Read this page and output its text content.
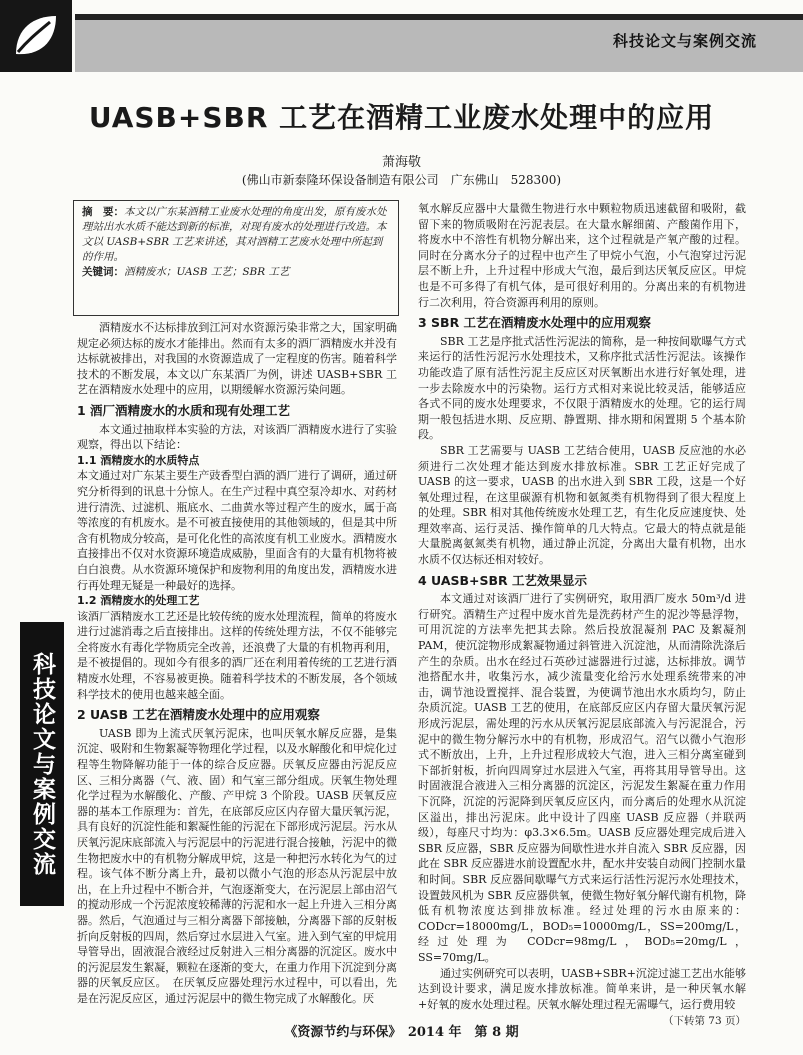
科技论文与案例交流
UASB+SBR 工艺在酒精工业废水处理中的应用
萧海敬
(佛山市新泰隆环保设备制造有限公司　广东佛山　528300)
摘　要：本文以广东某酒精工业废水处理的角度出发，原有废水处理站出水水质不能达到新的标准，对现有废水的处理进行改造。本文以 UASB+SBR 工艺来讲述，其对酒精工艺废水处理中所起到的作用。
关键词：酒精废水；UASB 工艺；SBR 工艺

酒精废水不达标排放到江河对水资源污染非常之大，国家明确规定必须达标的废水才能排出。然而有太多的酒厂酒精废水并没有达标就被排出，对我国的水资源造成了一定程度的伤害。随着科学技术的不断发展，本文以广东某酒厂为例，讲述 UASB+SBR 工艺在酒精废水处理中的应用，以期缓解水资源污染问题。

1 酒厂酒精废水的水质和现有处理工艺

本文通过抽取样本实验的方法，对该酒厂酒精废水进行了实验观察，得出以下结论：

1.1 酒精废水的水质特点

本文通过对广东某主要生产豉香型白酒的酒厂进行了调研，通过研究分析得到的讯息十分惊人。在生产过程中真空泵冷却水、对药材进行清洗、过滤机、瓶底水、二曲黄水等过程产生的废水，属于高等浓度的有机废水。是不可被直接使用的其他领域的，但是其中所含有机物成分较高，是可化化性的高浓度有机工业废水。酒精废水直接排出不仅对水资源环境造成威胁，里面含有的大量有机物将被白白浪费。从水资源环境保护和废物利用的角度出发，酒精废水进行再处理无疑是一种最好的选择。

1.2 酒精废水的处理工艺

该酒厂酒精废水工艺还是比较传统的废水处理流程，简单的将废水进行过滤消毒之后直接排出。这样的传统处理方法，不仅不能够完全将废水有毒化学物质完全改善，还浪费了大量的有机物再利用，是不被提倡的。现如今有很多的酒厂还在利用着传统的工艺进行酒精废水处理，不容易被更换。随着科学技术的不断发展，各个领域科学技术的使用也越来越全面。

2 UASB 工艺在酒精废水处理中的应用观察

UASB 即为上流式厌氧污泥床，也叫厌氧水解反应器，是集沉淀、吸附和生物絮凝等物理化学过程，以及水解酸化和甲烷化过程等生物降解功能于一体的综合反应器。厌氧反应器由污泥反应区、三相分离器（气、液、固）和气室三部分组成。厌氧生物处理化学过程为水解酸化、产酸、产甲烷 3 个阶段。UASB 厌氧反应器的基本工作原理为：首先，在底部反应区内存留大量厌氧污泥，具有良好的沉淀性能和絮凝性能的污泥在下部形成污泥层。污水从厌氧污泥床底部流入与污泥层中的污泥进行混合接触，污泥中的微生物把废水中的有机物分解成甲烷，这是一种把污水转化为气的过程。该气体不断分离上升，最初以微小气泡的形态从污泥层中放出，在上升过程中不断合并，气泡逐渐变大，在污泥层上部由沼气的搅动形成一个污泥浓度较稀薄的污泥和水一起上升进入三相分离器。然后，气泡通过与三相分离器下部接触，分离器下部的反射板折向反射板的四周，然后穿过水层进入气室。进入到气室的甲烷用导管导出，固液混合液经过反射进入三相分离器的沉淀区。废水中的污泥层发生絮凝，颗粒在逐渐的变大，在重力作用下沉淀到分离器的厌氧反应区。　在厌氧反应器处理污水过程中，可以看出，先是在污泥反应区，通过污泥层中的微生物完成了水解酸化。厌

氧水解反应器中大量微生物进行水中颗粒物质迅速截留和吸附，截留下来的物质吸附在污泥表层。在大量水解细菌、产酸菌作用下，将废水中不溶性有机物分解出来，这个过程就是产氧产酸的过程。同时在分离水分子的过程中也产生了甲烷小气泡，小气泡穿过污泥层不断上升，上升过程中形成大气泡，最后到达厌氧反应区。甲烷也是不可多得了有机气体，是可很好利用的。分离出来的有机物进行二次利用，符合资源再利用的原则。

3 SBR 工艺在酒精废水处理中的应用观察

SBR 工艺是序批式活性污泥法的简称，是一种按间歇曝气方式来运行的活性污泥污水处理技术，又称序批式活性污泥法。该操作功能改造了原有活性污泥主反应区对厌氧断出水进行好氧处理，进一步去除废水中的污染物。运行方式相对来说比较灵活，能够适应各式不同的废水处理要求，不仅限于酒精废水的处理。它的运行周期一般包括进水期、反应期、静置期、排水期和闲置期 5 个基本阶段。

SBR 工艺需要与 UASB 工艺结合使用，UASB 反应池的水必须进行二次处理才能达到废水排放标准。SBR 工艺正好完成了 UASB 的这一要求，UASB 的出水进入到 SBR 工段，这是一个好氧处理过程，在这里碳源有机物和氨氮类有机物得到了很大程度上的处理。SBR 相对其他传统废水处理工艺，有生化反应速度快、处理效率高、运行灵活、操作简单的几大特点。它最大的特点就是能大量脱离氨氮类有机物，通过静止沉淀，分离出大量有机物，出水水质不仅达标还相对较好。

4 UASB+SBR 工艺效果显示

本文通过对该酒厂进行了实例研究，取用酒厂废水 50m³/d 进行研究。酒精生产过程中废水首先是洗药材产生的泥沙等悬浮物，可用沉淀的方法率先把其去除。然后投放混凝剂 PAC 及絮凝剂 PAM，使沉淀物形成絮凝物通过斜管进入沉淀池，从而清除洗涤后产生的杂质。出水在经过石英砂过滤器进行过滤，达标排放。调节池搭配水井，收集污水，减少流量变化给污水处理系统带来的冲击，调节池设置搅拌、混合装置，为使调节池出水水质均匀，防止杂质沉淀。UASB 工艺的使用，在底部反应区内存留大量厌氧污泥形成污泥层，需处理的污水从厌氧污泥层底部流入与污泥混合，污泥中的微生物分解污水中的有机物，形成沼气。沼气以微小气泡形式不断放出，上升，上升过程形成较大气泡，进入三相分离室碰到下部折射板，折向四周穿过水层进入气室，再将其用导管导出。这时固液混合液进入三相分离器的沉淀区，污泥发生絮凝在重力作用下沉降，沉淀的污泥降到厌氧反应区内，而分离后的处理水从沉淀区溢出，排出污泥床。此中设计了四座 UASB 反应器（并联两级），每座尺寸均为：φ3.3×6.5m。UASB 反应器处理完成后进入 SBR 反应器，SBR 反应器为间歇性进水并自流入 SBR 反应器，因此在 SBR 反应器进水前设置配水井，配水井安装自动阀门控制水量和时间。SBR 反应器间歇曝气方式来运行活性污泥污水处理技术，设置鼓风机为 SBR 反应器供氧，使微生物好氧分解代谢有机物，降低有机物浓度达到排放标准。经过处理的污水由原来的：CODcr=18000mg/L，BOD₅=10000mg/L，SS=200mg/L，经过处理为 CODcr=98mg/L，BOD₅=20mg/L，SS=70mg/L。

通过实例研究可以表明，UASB+SBR+沉淀过滤工艺出水能够达到设计要求，满足废水排放标准。简单来讲，是一种厌氧水解+好氧的废水处理过程。厌氧水解处理过程无需曝气，运行费用较

（下转第 73 页）
科技论文与案例交流
《资源节约与环保》　2014 年　第 8 期
